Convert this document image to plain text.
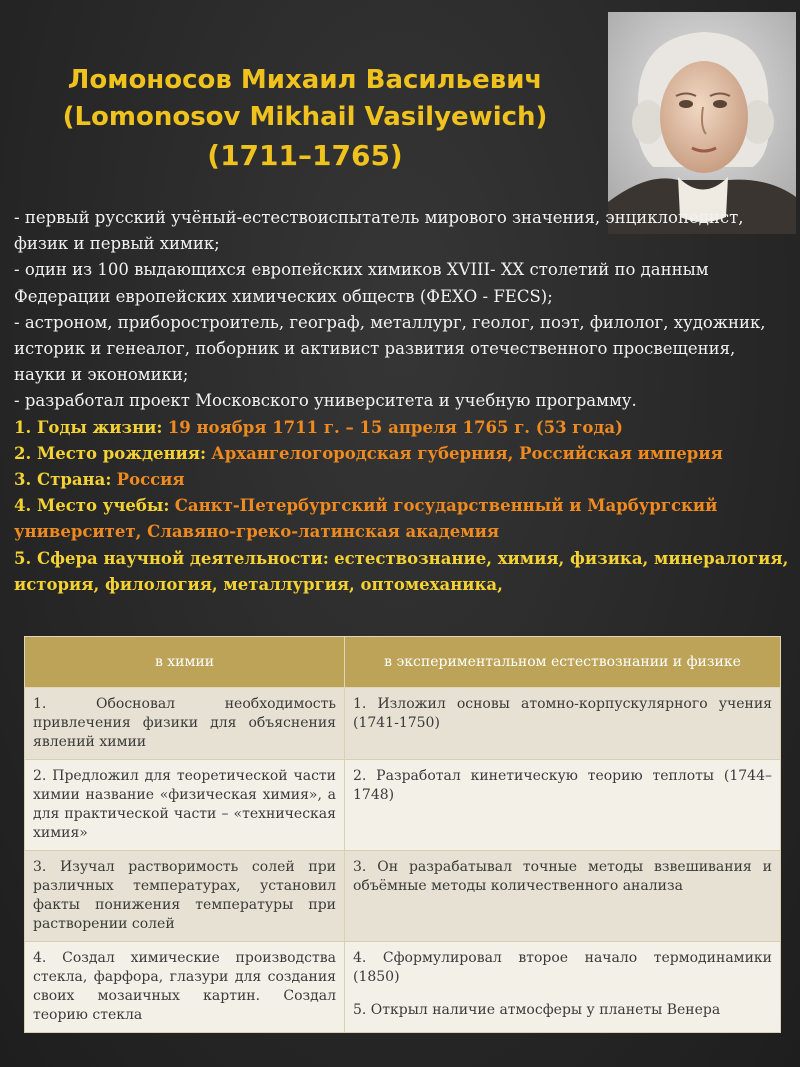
Ломоносов Михаил Васильевич
(Lomonosov Mikhail Vasilyewich)
(1711–1765)

- первый русский учёный-естествоиспытатель мирового значения, энциклопедист, физик и первый химик;

- один из 100 выдающихся европейских химиков XVIII- XX столетий по данным Федерации европейских химических обществ (ФЕХО - FECS);

- астроном, приборостроитель, географ, металлург, геолог, поэт, филолог, художник, историк и генеалог, поборник и активист развития отечественного просвещения, науки и экономики;

- разработал проект Московского университета и учебную программу.

1. Годы жизни: 19 ноября 1711 г. – 15 апреля 1765 г. (53 года)

2. Место рождения: Архангелогородская губерния, Российская империя

3. Страна: Россия

4. Место учебы: Санкт-Петербургский государственный и Марбургский университет, Славяно-греко-латинская академия

5. Сфера научной деятельности: естествознание, химия, физика, минералогия, история, филология, металлургия, оптомеханика,

в химии	в экспериментальном естествознании и физике
1. Обосновал необходимость привлечения физики для объяснения явлений химии	1. Изложил основы атомно-корпускулярного учения (1741-1750)
2. Предложил для теоретической части химии название «физическая химия», а для практической части – «техническая химия»	2. Разработал кинетическую теорию теплоты (1744–1748)
3. Изучал растворимость солей при различных температурах, установил факты понижения температуры при растворении солей	3. Он разрабатывал точные методы взвешивания и объёмные методы количественного анализа
4. Создал химические производства стекла, фарфора, глазури для создания своих мозаичных картин. Создал теорию стекла	4. Сформулировал второе начало термодинамики (1850)
5. Открыл наличие атмосферы у планеты Венера
